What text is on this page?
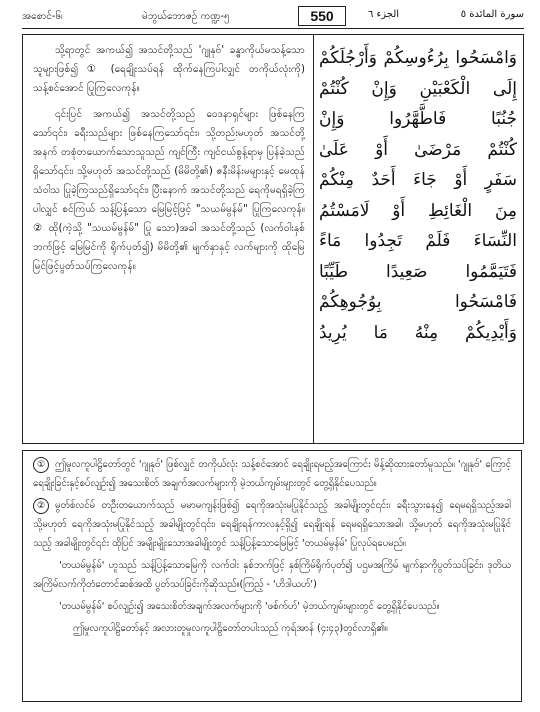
အစောင်-၆၊	မဲဘွယ်ဘောဇဉ် ကဏ္ဍ-၅	550	الجزء ٦	سورة المائدة ٥

သို့ရာတွင် အကယ်၍ အသင်တို့သည် 'ဂျုနုဗ်' ခန္ဓာကိုယ်မသန့်သော သူများဖြစ်၍ ① (ရေချိုးသပ်ရန် ထိုက်နေကြပါလျှင် တကိုယ်လုံးကို) သန့်စင်အောင် ပြုကြလေကုန်။

၎င်းပြင် အကယ်၍ အသင်တို့သည် ဝေဒနာရှင်များ ဖြစ်နေကြသော်၎င်း၊ ခရီးသည်များ ဖြစ်နေကြသော်၎င်း၊ သို့တည်းမဟုတ် အသင်တို့ အနက် တစုံတယောက်သောသူသည် ကျင်ကြီး ကျင်ငယ်စွန့်ရာမှ ပြန်ခဲ့သည်ရှိသော်၎င်း၊ သို့မဟုတ် အသင်တို့သည် (မိမိတို့၏) ဇနီးမိန်းမများနှင့် မေထုန်သံဝါသ ပြုခဲ့ကြသည်ရှိသော်၎င်း၊ ပြီးနောက် အသင်တို့သည် ရေကိုမရရှိခဲ့ကြပါလျှင် စင်ကြယ် သန့်ပြန့်သော မြေမြင့်ဖြင့် "သယမ်မွန်မ်" ပြုကြလေကုန်။ ② ထို(ကဲ့သို့ "သယမ်မွန်မ်" ပြု သော)အခါ အသင်တို့သည် (လက်ဝါးနှစ်ဘက်ဖြင့် မြေမြင်ကို ရိုက်ပုတ်၍) မိမိတို့၏ မျက်နှာနှင့် လက်များကို ထိုမြေမြင်ဖြင့်ပွတ်သပ်ကြလေကုန်။

وَامْسَحُوا بِرُءُوسِكُمْ وَأَرْجُلَكُمْ
إِلَى الْكَعْبَيْنِ وَإِنْ كُنْتُمْ
جُنُبًا فَاطَّهَّرُوا وَإِنْ
كُنْتُمْ مَرْضَىٰ أَوْ عَلَىٰ
سَفَرٍ أَوْ جَاءَ أَحَدٌ مِنْكُمْ
مِنَ الْغَائِطِ أَوْ لَامَسْتُمُ
النِّسَاءَ فَلَمْ تَجِدُوا مَاءً
فَتَيَمَّمُوا صَعِيدًا طَيِّبًا
فَامْسَحُوا بِوُجُوهِكُمْ
وَأَيْدِيكُمْ مِنْهُ مَا يُرِيدُ

① ဤမှုလကူပါဠိတော်တွင် 'ဂျုနုဗ်' ဖြစ်လျှင် တကိုယ်လုံး သန့်စင်အောင် ရေချိုးရမည့်အကြောင်း မိန့်ဆိုထားတော်မူသည်။ 'ဂျုနုဗ်' ကြောင့် ရေချိုးခြင်းနှင့်စပ်လျဉ်း၍ အသေးစိတ် အချက်အလက်များကို မဲ့ဘယ်ကျမ်းများတွင် တွေ့ရှိနိုင်ပေသည်။

② မွတ်စ်လင်မ် တဦးတယောက်သည် မမာမကျန်းဖြစ်၍ ရေကိုအသုံးမပြုနိုင်သည့် အခါမျိုးတွင်၎င်း၊ ခရီးသွားနေ၍ ရေမရရှိသည့်အခါ သို့မဟုတ် ရေကိုအသုံးမပြုနိုင်သည့် အခါမျိုးတွင်၎င်း၊ ရေချိုးရန်ကာလနှင့်ရှိ၍ ရေချိုးရန် ရေမရရှိသောအခါ၊ သို့မဟုတ် ရေကိုအသုံးမပြုနိုင်သည့် အခါမျိုးတွင်၎င်း ထိုပြင် အမျိုးမျိုးသောအခါမျိုးတွင် သန့်ပြန့်သောမြေမြင့် 'တယမ်မွန်မ်' ပြုလုပ်ရပေမည်။

'တယမ်မွန်မ်' ဟူသည် သန့်ပြန့်သောမြေကို လက်ဝါး နှစ်ဘက်ဖြင့် နှစ်ကြိမ်ရိုက်ပုတ်၍ ပဌမအကြိမ် မျက်နှာကိုပွတ်သပ်ခြင်း၊ ဒုတိယအကြိမ်လက်ကိုတံတောင်ဆစ်အထိ ပွတ်သပ်ခြင်းကိုဆိုသည်။(ကြည့် - 'ဟိဒါယဟ်')

'တယမ်မွန်မ်' စပ်လျဉ်း၍ အသေးစိတ်အချက်အလက်များကို 'ဖစ်က်ဟ်' မဲ့ဘယ်ကျမ်းများတွင် တွေ့ရှိနိုင်ပေသည်။

ဤမှုလကူပါဠိတော်နှင့် အလားတူမှုလကူပါဠိတော်တပါးသည် ကုရ်အာန် (၄း၄၃)တွင်လာရှိ၏။
